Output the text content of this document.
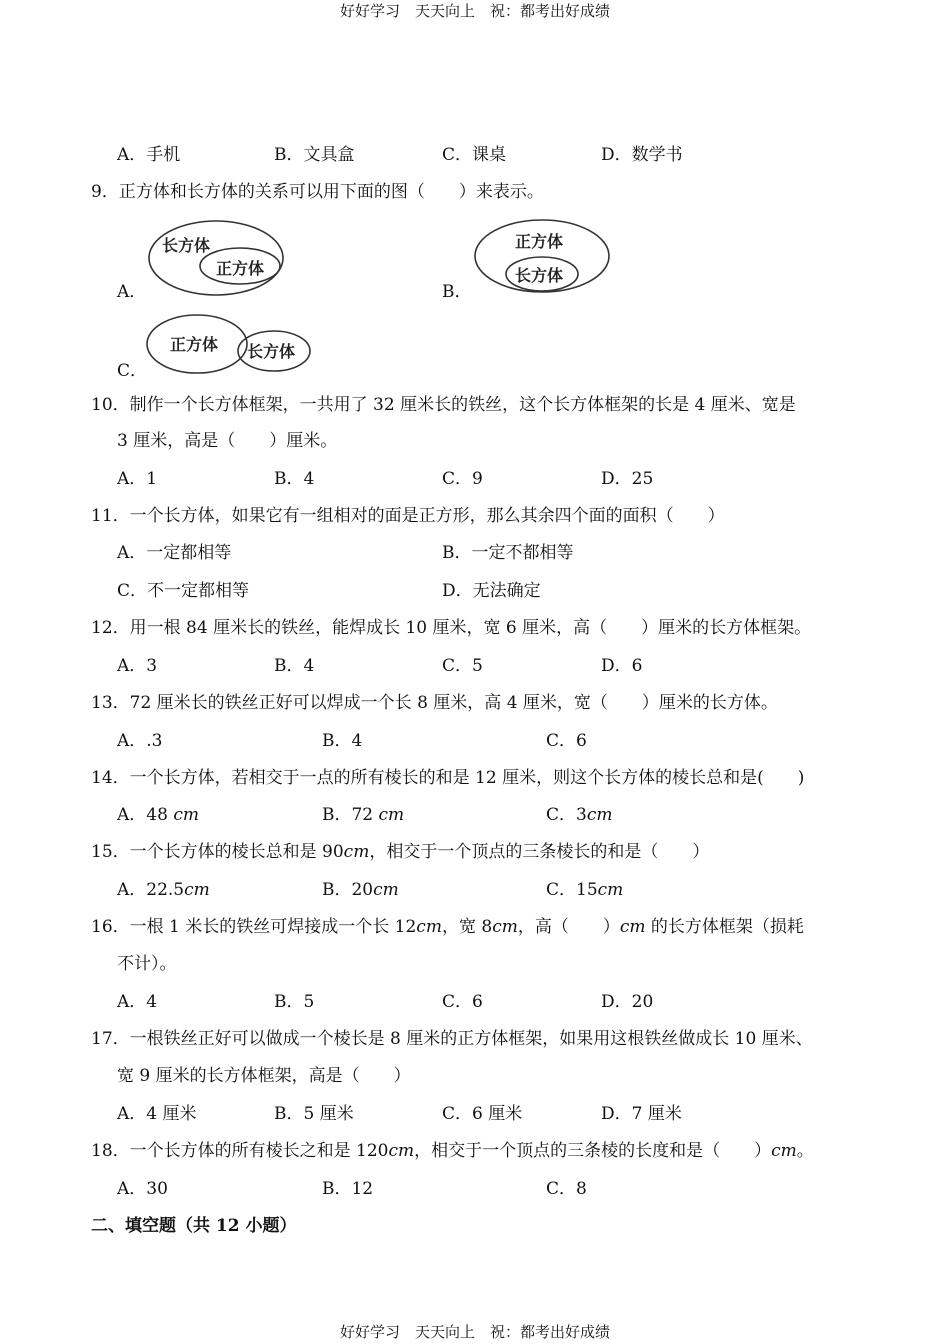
好好学习　天天向上　祝：都考出好成绩
A．手机	B．文具盒	C．课桌	D．数学书
9．正方体和长方体的关系可以用下面的图（　　）来表示。
A．
长方体
正方体
B．
正方体
长方体
C．
正方体 长方体
10．制作一个长方体框架，一共用了 32 厘米长的铁丝，这个长方体框架的长是 4 厘米、宽是
3 厘米，高是（　　）厘米。
A．1	B．4	C．9	D．25
11．一个长方体，如果它有一组相对的面是正方形，那么其余四个面的面积（　　）
A．一定都相等	B．一定不都相等
C．不一定都相等	D．无法确定
12．用一根 84 厘米长的铁丝，能焊成长 10 厘米，宽 6 厘米，高（　　）厘米的长方体框架。
A．3	B．4	C．5	D．6
13．72 厘米长的铁丝正好可以焊成一个长 8 厘米，高 4 厘米，宽（　　）厘米的长方体。
A．.3	B．4	C．6
14．一个长方体，若相交于一点的所有棱长的和是 12 厘米，则这个长方体的棱长总和是(　　)
A．48 cm	B．72 cm	C．3cm
15．一个长方体的棱长总和是 90cm，相交于一个顶点的三条棱长的和是（　　）
A．22.5cm	B．20cm	C．15cm
16．一根 1 米长的铁丝可焊接成一个长 12cm，宽 8cm，高（　　）cm 的长方体框架（损耗
不计）。
A．4	B．5	C．6	D．20
17．一根铁丝正好可以做成一个棱长是 8 厘米的正方体框架，如果用这根铁丝做成长 10 厘米、
宽 9 厘米的长方体框架，高是（　　）
A．4 厘米	B．5 厘米	C．6 厘米	D．7 厘米
18．一个长方体的所有棱长之和是 120cm，相交于一个顶点的三条棱的长度和是（　　）cm。
A．30	B．12	C．8
二、填空题（共 12 小题）
好好学习　天天向上　祝：都考出好成绩
